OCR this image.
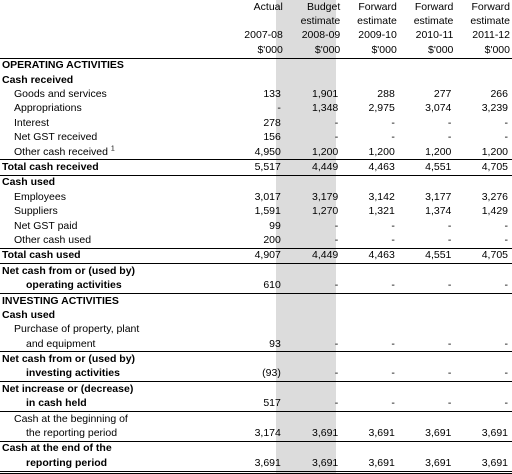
	Actual	Budget	Forward	Forward	Forward
		estimate	estimate	estimate	estimate
	2007-08	2008-09	2009-10	2010-11	2011-12
	$'000	$'000	$'000	$'000	$'000
OPERATING ACTIVITIES					
Cash received					
Goods and services	133	1,901	288	277	266
Appropriations	-	1,348	2,975	3,074	3,239
Interest	278	-	-	-	-
Net GST received	156	-	-	-	-
Other cash received $^1$	4,950	1,200	1,200	1,200	1,200
Total cash received	5,517	4,449	4,463	4,551	4,705
Cash used					
Employees	3,017	3,179	3,142	3,177	3,276
Suppliers	1,591	1,270	1,321	1,374	1,429
Net GST paid	99	-	-	-	-
Other cash used	200	-	-	-	-
Total cash used	4,907	4,449	4,463	4,551	4,705
Net cash from or (used by)					
operating activities	610	-	-	-	-
INVESTING ACTIVITIES					
Cash used					
Purchase of property, plant					
and equipment	93	-	-	-	-
Net cash from or (used by)					
investing activities	(93)	-	-	-	-
Net increase or (decrease)					
in cash held	517	-	-	-	-
Cash at the beginning of					
the reporting period	3,174	3,691	3,691	3,691	3,691
Cash at the end of the					
reporting period	3,691	3,691	3,691	3,691	3,691
